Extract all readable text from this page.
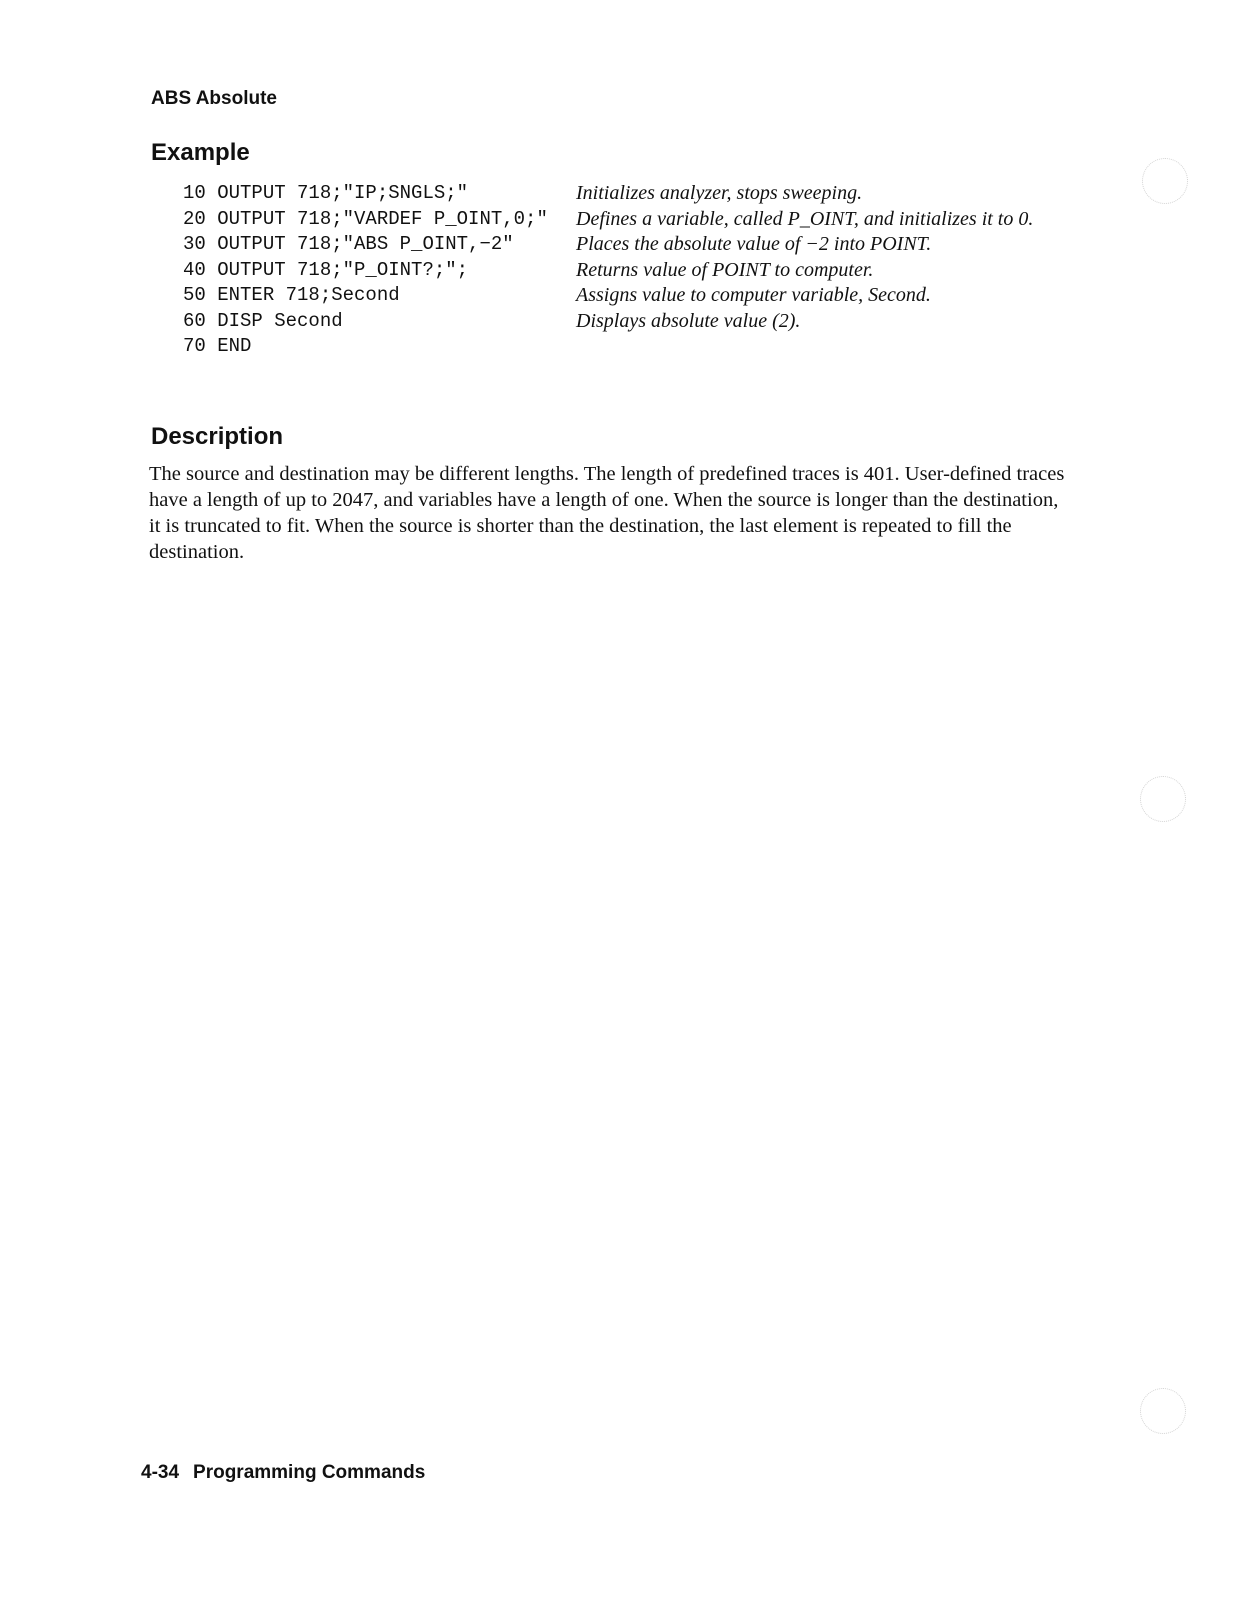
ABS Absolute

Example
10 OUTPUT 718;"IP;SNGLS;"	Initializes analyzer, stops sweeping.
20 OUTPUT 718;"VARDEF P_OINT,0;"	Defines a variable, called P_OINT, and initializes it to 0.
30 OUTPUT 718;"ABS P_OINT,−2"	Places the absolute value of −2 into POINT.
40 OUTPUT 718;"P_OINT?;";	Returns value of POINT to computer.
50 ENTER 718;Second	Assigns value to computer variable, Second.
60 DISP Second	Displays absolute value (2).
70 END
Description

The source and destination may be different lengths. The length of predefined traces is 401. User-defined traces have a length of up to 2047, and variables have a length of one. When the source is longer than the destination, it is truncated to fit. When the source is shorter than the destination, the last element is repeated to fill the destination.

4-34 Programming Commands
